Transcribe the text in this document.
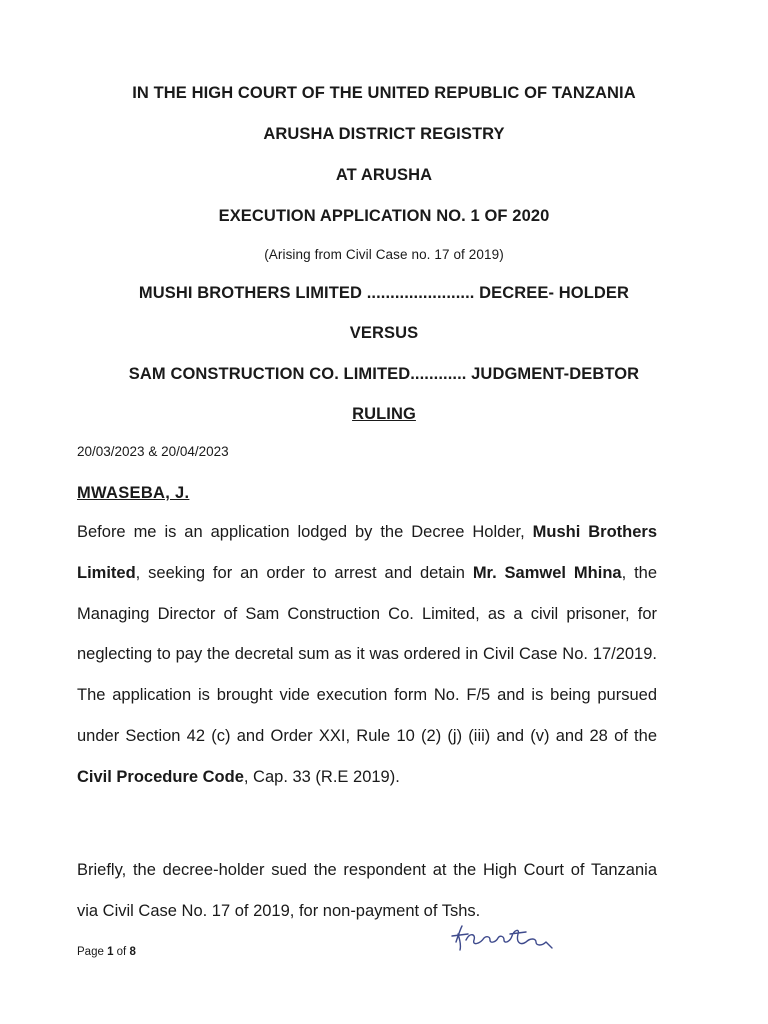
IN THE HIGH COURT OF THE UNITED REPUBLIC OF TANZANIA
ARUSHA DISTRICT REGISTRY
AT ARUSHA
EXECUTION APPLICATION NO. 1 OF 2020
(Arising from Civil Case no. 17 of 2019)
MUSHI BROTHERS LIMITED ....................... DECREE- HOLDER
VERSUS
SAM CONSTRUCTION CO. LIMITED............ JUDGMENT-DEBTOR
RULING
20/03/2023 & 20/04/2023
MWASEBA, J.
Before me is an application lodged by the Decree Holder, Mushi Brothers Limited, seeking for an order to arrest and detain Mr. Samwel Mhina, the Managing Director of Sam Construction Co. Limited, as a civil prisoner, for neglecting to pay the decretal sum as it was ordered in Civil Case No. 17/2019. The application is brought vide execution form No. F/5 and is being pursued under Section 42 (c) and Order XXI, Rule 10 (2) (j) (iii) and (v) and 28 of the Civil Procedure Code, Cap. 33 (R.E 2019).
Briefly, the decree-holder sued the respondent at the High Court of Tanzania via Civil Case No. 17 of 2019, for non-payment of Tshs.
Page 1 of 8
